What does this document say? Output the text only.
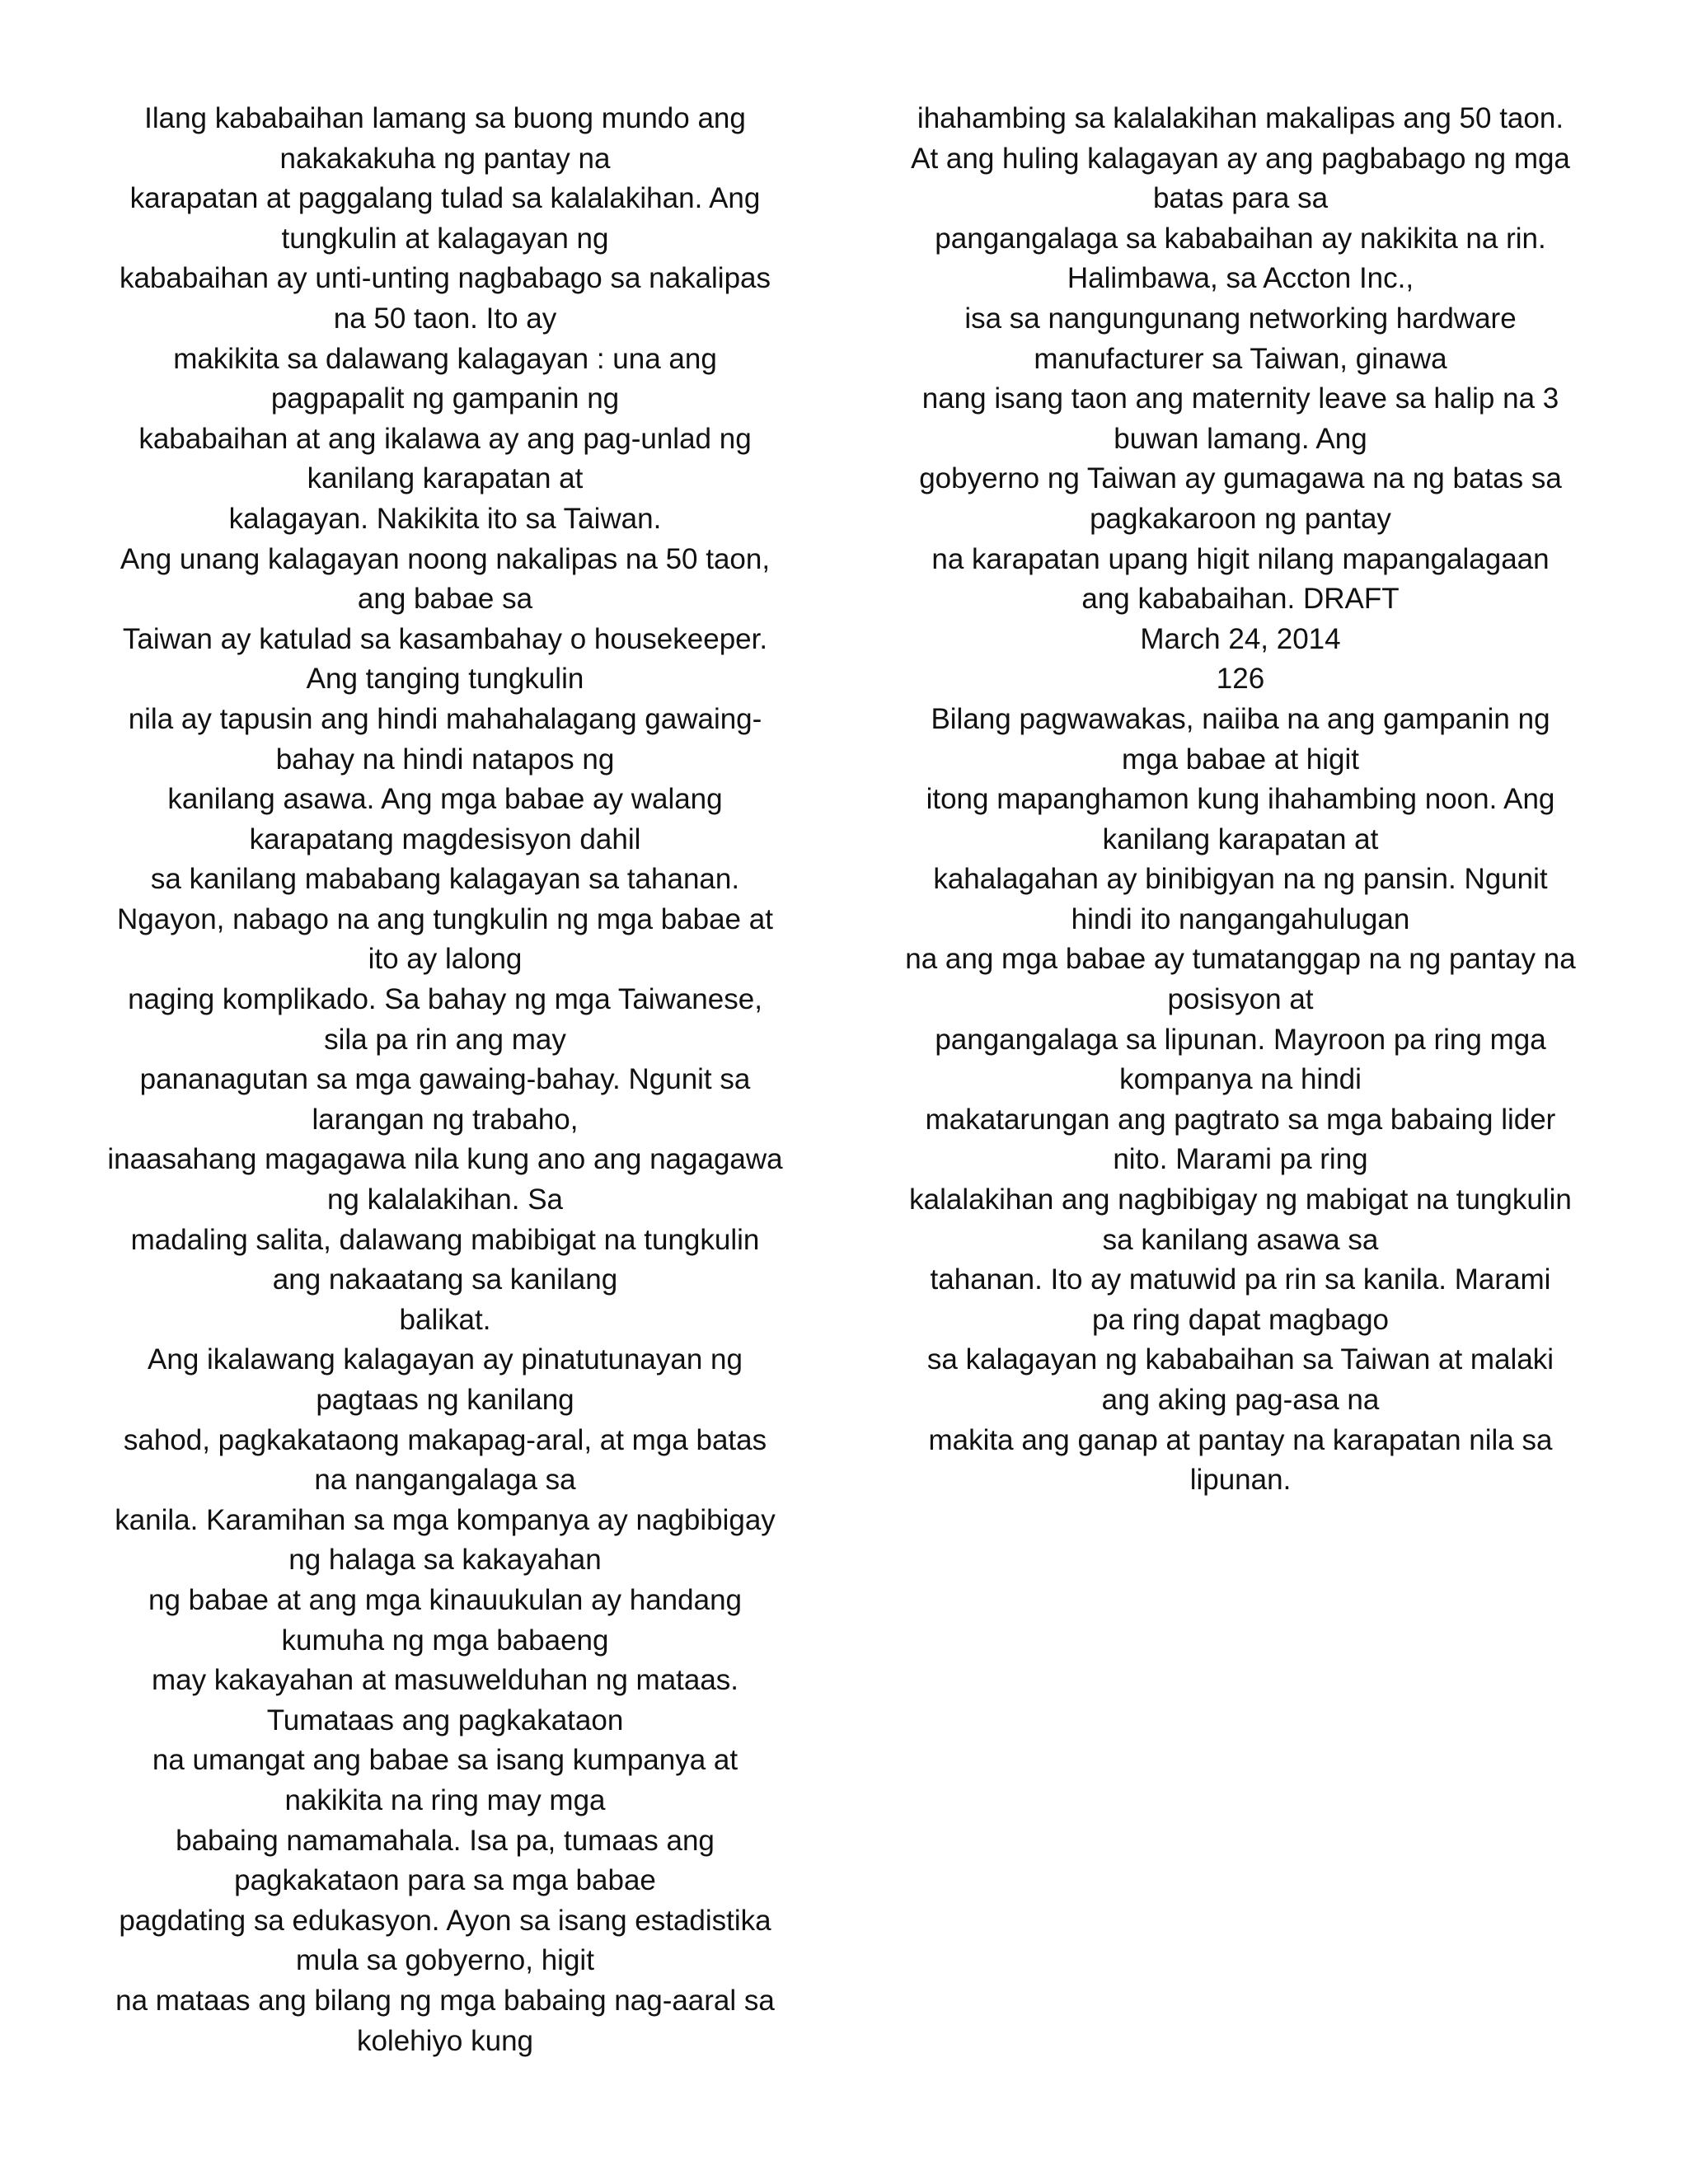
Ilang kababaihan lamang sa buong mundo ang
nakakakuha ng pantay na
karapatan at paggalang tulad sa kalalakihan. Ang
tungkulin at kalagayan ng
kababaihan ay unti-unting nagbabago sa nakalipas
na 50 taon. Ito ay
makikita sa dalawang kalagayan : una ang
pagpapalit ng gampanin ng
kababaihan at ang ikalawa ay ang pag-unlad ng
kanilang karapatan at
kalagayan. Nakikita ito sa Taiwan.
Ang unang kalagayan noong nakalipas na 50 taon,
ang babae sa
Taiwan ay katulad sa kasambahay o housekeeper.
Ang tanging tungkulin
nila ay tapusin ang hindi mahahalagang gawaing-
bahay na hindi natapos ng
kanilang asawa. Ang mga babae ay walang
karapatang magdesisyon dahil
sa kanilang mababang kalagayan sa tahanan.
Ngayon, nabago na ang tungkulin ng mga babae at
ito ay lalong
naging komplikado. Sa bahay ng mga Taiwanese,
sila pa rin ang may
pananagutan sa mga gawaing-bahay. Ngunit sa
larangan ng trabaho,
inaasahang magagawa nila kung ano ang nagagawa
ng kalalakihan. Sa
madaling salita, dalawang mabibigat na tungkulin
ang nakaatang sa kanilang
balikat.
Ang ikalawang kalagayan ay pinatutunayan ng
pagtaas ng kanilang
sahod, pagkakataong makapag-aral, at mga batas
na nangangalaga sa
kanila. Karamihan sa mga kompanya ay nagbibigay
ng halaga sa kakayahan
ng babae at ang mga kinauukulan ay handang
kumuha ng mga babaeng
may kakayahan at masuwelduhan ng mataas.
Tumataas ang pagkakataon
na umangat ang babae sa isang kumpanya at
nakikita na ring may mga
babaing namamahala. Isa pa, tumaas ang
pagkakataon para sa mga babae
pagdating sa edukasyon. Ayon sa isang estadistika
mula sa gobyerno, higit
na mataas ang bilang ng mga babaing nag-aaral sa
kolehiyo kung
ihahambing sa kalalakihan makalipas ang 50 taon.
At ang huling kalagayan ay ang pagbabago ng mga
batas para sa
pangangalaga sa kababaihan ay nakikita na rin.
Halimbawa, sa Accton Inc.,
isa sa nangungunang networking hardware
manufacturer sa Taiwan, ginawa
nang isang taon ang maternity leave sa halip na 3
buwan lamang. Ang
gobyerno ng Taiwan ay gumagawa na ng batas sa
pagkakaroon ng pantay
na karapatan upang higit nilang mapangalagaan
ang kababaihan. DRAFT
March 24, 2014
126
Bilang pagwawakas, naiiba na ang gampanin ng
mga babae at higit
itong mapanghamon kung ihahambing noon. Ang
kanilang karapatan at
kahalagahan ay binibigyan na ng pansin. Ngunit
hindi ito nangangahulugan
na ang mga babae ay tumatanggap na ng pantay na
posisyon at
pangangalaga sa lipunan. Mayroon pa ring mga
kompanya na hindi
makatarungan ang pagtrato sa mga babaing lider
nito. Marami pa ring
kalalakihan ang nagbibigay ng mabigat na tungkulin
sa kanilang asawa sa
tahanan. Ito ay matuwid pa rin sa kanila. Marami
pa ring dapat magbago
sa kalagayan ng kababaihan sa Taiwan at malaki
ang aking pag-asa na
makita ang ganap at pantay na karapatan nila sa
lipunan.
